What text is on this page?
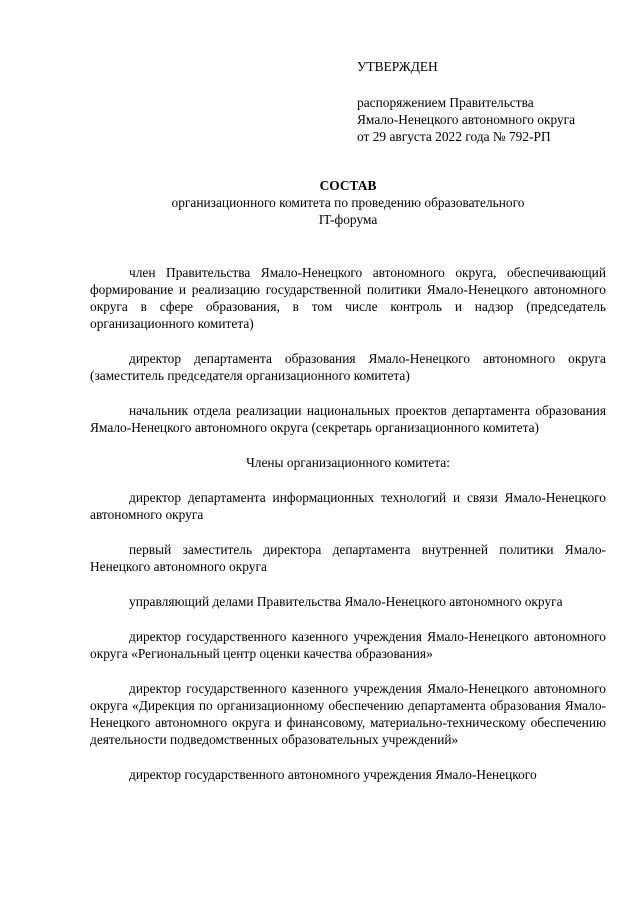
УТВЕРЖДЕН
распоряжением Правительства
Ямало-Ненецкого автономного округа
от 29 августа 2022 года № 792-РП
СОСТАВ
организационного комитета по проведению образовательного
IT-форума

член Правительства Ямало-Ненецкого автономного округа, обеспечивающий формирование и реализацию государственной политики Ямало-Ненецкого автономного округа в сфере образования, в том числе контроль и надзор (председатель организационного комитета)

директор департамента образования Ямало-Ненецкого автономного округа (заместитель председателя организационного комитета)

начальник отдела реализации национальных проектов департамента образования Ямало-Ненецкого автономного округа (секретарь организационного комитета)

Члены организационного комитета:

директор департамента информационных технологий и связи Ямало-Ненецкого автономного округа

первый заместитель директора департамента внутренней политики Ямало-Ненецкого автономного округа

управляющий делами Правительства Ямало-Ненецкого автономного округа

директор государственного казенного учреждения Ямало-Ненецкого автономного округа «Региональный центр оценки качества образования»

директор государственного казенного учреждения Ямало-Ненецкого автономного округа «Дирекция по организационному обеспечению департамента образования Ямало-Ненецкого автономного округа и финансовому, материально-техническому обеспечению деятельности подведомственных образовательных учреждений»

директор государственного автономного учреждения Ямало-Ненецкого
